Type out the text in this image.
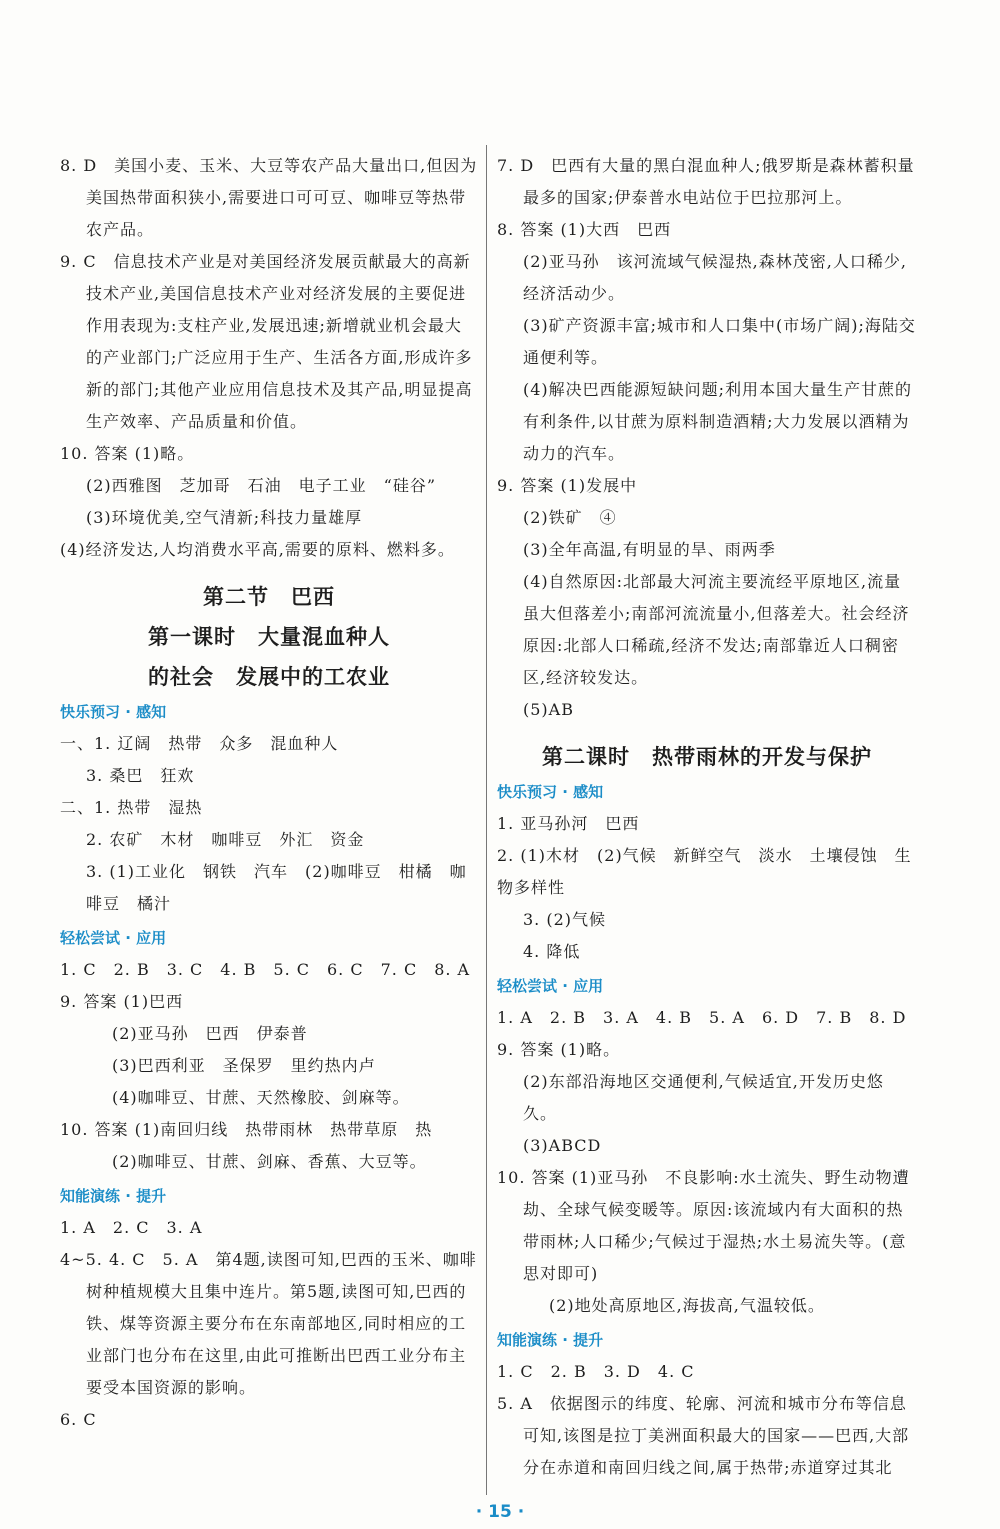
8. D　美国小麦、玉米、大豆等农产品大量出口,但因为美国热带面积狭小,需要进口可可豆、咖啡豆等热带农产品。
9. C　信息技术产业是对美国经济发展贡献最大的高新技术产业,美国信息技术产业对经济发展的主要促进作用表现为:支柱产业,发展迅速;新增就业机会最大的产业部门;广泛应用于生产、生活各方面,形成许多新的部门;其他产业应用信息技术及其产品,明显提高生产效率、产品质量和价值。
10. 答案 (1)略。
(2)西雅图　芝加哥　石油　电子工业　“硅谷”
(3)环境优美,空气清新;科技力量雄厚
(4)经济发达,人均消费水平高,需要的原料、燃料多。
第二节　巴西
第一课时　大量混血种人
的社会　发展中的工农业
快乐预习 · 感知
一、1. 辽阔　热带　众多　混血种人
3. 桑巴　狂欢
二、1. 热带　湿热
2. 农矿　木材　咖啡豆　外汇　资金
3. (1)工业化　钢铁　汽车　(2)咖啡豆　柑橘　咖啡豆　橘汁
轻松尝试 · 应用
1. C　2. B　3. C　4. B　5. C　6. C　7. C　8. A
9. 答案 (1)巴西
(2)亚马孙　巴西　伊泰普
(3)巴西利亚　圣保罗　里约热内卢
(4)咖啡豆、甘蔗、天然橡胶、剑麻等。
10. 答案 (1)南回归线　热带雨林　热带草原　热
(2)咖啡豆、甘蔗、剑麻、香蕉、大豆等。
知能演练 · 提升
1. A　2. C　3. A
4~5. 4. C　5. A　第4题,读图可知,巴西的玉米、咖啡树种植规模大且集中连片。第5题,读图可知,巴西的铁、煤等资源主要分布在东南部地区,同时相应的工业部门也分布在这里,由此可推断出巴西工业分布主要受本国资源的影响。
6. C
7. D　巴西有大量的黑白混血种人;俄罗斯是森林蓄积量最多的国家;伊泰普水电站位于巴拉那河上。
8. 答案 (1)大西　巴西
(2)亚马孙　该河流域气候湿热,森林茂密,人口稀少,经济活动少。
(3)矿产资源丰富;城市和人口集中(市场广阔);海陆交通便利等。
(4)解决巴西能源短缺问题;利用本国大量生产甘蔗的有利条件,以甘蔗为原料制造酒精;大力发展以酒精为动力的汽车。
9. 答案 (1)发展中
(2)铁矿　④
(3)全年高温,有明显的旱、雨两季
(4)自然原因:北部最大河流主要流经平原地区,流量虽大但落差小;南部河流流量小,但落差大。社会经济原因:北部人口稀疏,经济不发达;南部靠近人口稠密区,经济较发达。
(5)AB
第二课时　热带雨林的开发与保护
快乐预习 · 感知
1. 亚马孙河　巴西
2. (1)木材　(2)气候　新鲜空气　淡水　土壤侵蚀　生物多样性
3. (2)气候
4. 降低
轻松尝试 · 应用
1. A　2. B　3. A　4. B　5. A　6. D　7. B　8. D
9. 答案 (1)略。
(2)东部沿海地区交通便利,气候适宜,开发历史悠久。
(3)ABCD
10. 答案 (1)亚马孙　不良影响:水土流失、野生动物遭劫、全球气候变暖等。原因:该流域内有大面积的热带雨林;人口稀少;气候过于湿热;水土易流失等。(意思对即可)
(2)地处高原地区,海拔高,气温较低。
知能演练 · 提升
1. C　2. B　3. D　4. C
5. A　依据图示的纬度、轮廓、河流和城市分布等信息可知,该图是拉丁美洲面积最大的国家——巴西,大部分在赤道和南回归线之间,属于热带;赤道穿过其北
· 15 ·
